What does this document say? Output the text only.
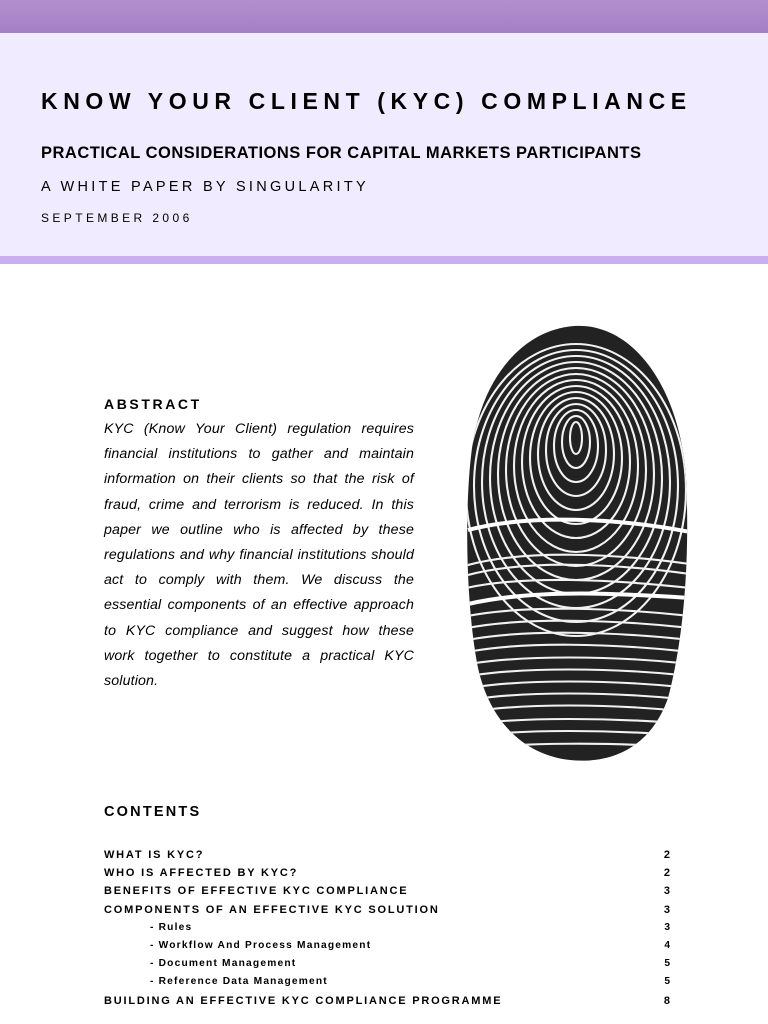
KNOW YOUR CLIENT (KYC) COMPLIANCE
PRACTICAL CONSIDERATIONS FOR CAPITAL MARKETS PARTICIPANTS
A WHITE PAPER BY SINGULARITY
SEPTEMBER 2006
ABSTRACT

KYC (Know Your Client) regulation requires financial institutions to gather and maintain information on their clients so that the risk of fraud, crime and terrorism is reduced. In this paper we outline who is affected by these regulations and why financial institutions should act to comply with them. We discuss the essential components of an effective approach to KYC compliance and suggest how these work together to constitute a practical KYC solution.

CONTENTS
WHAT IS KYC?	2
WHO IS AFFECTED BY KYC?	2
BENEFITS OF EFFECTIVE KYC COMPLIANCE	3
COMPONENTS OF AN EFFECTIVE KYC SOLUTION	3
- Rules	3
- Workflow And Process Management	4
- Document Management	5
- Reference Data Management	5
BUILDING AN EFFECTIVE KYC COMPLIANCE PROGRAMME	8
